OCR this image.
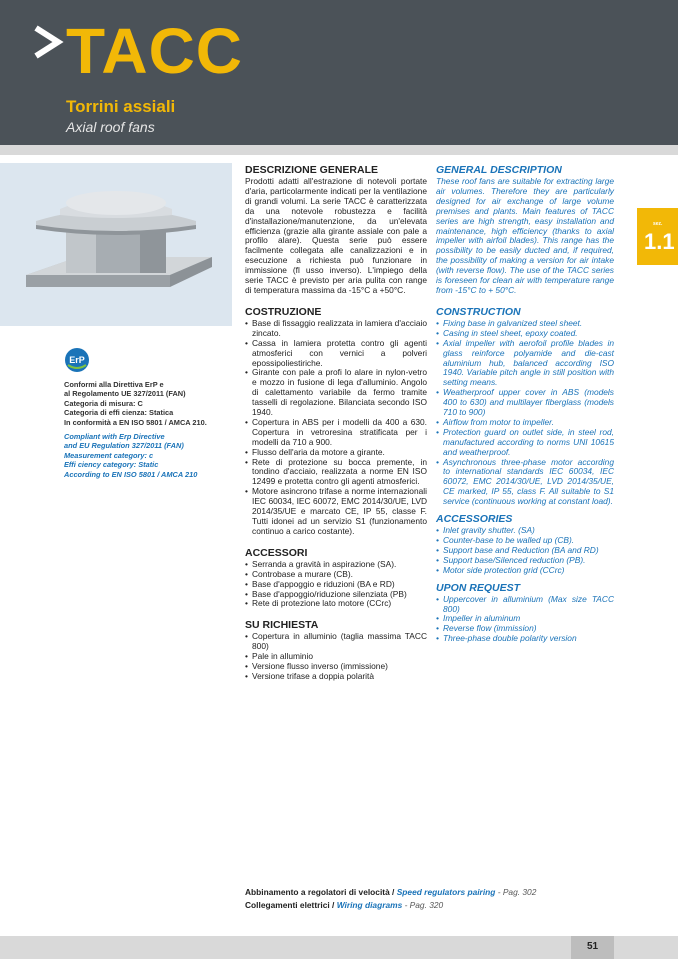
TACC
Torrini assiali
Axial roof fans
ErP
Conformi alla Direttiva ErP e
al Regolamento UE 327/2011 (FAN)
Categoria di misura: C
Categoria di effi cienza: Statica
In conformità a EN ISO 5801 / AMCA 210.
Compliant with Erp Directive
and EU Regulation 327/2011 (FAN)
Measurement category: c
Effi ciency category: Static
According to EN ISO 5801 / AMCA 210
DESCRIZIONE GENERALE

Prodotti adatti all'estrazione di notevoli portate d'aria, particolarmente indicati per la ventilazione di grandi volumi. La serie TACC è caratterizzata da una notevole robustezza e facilità d'installazione/manutenzione, da un'elevata efficienza (grazie alla girante assiale con pale a profilo alare). Questa serie può essere facilmente collegata alle canalizzazioni e in esecuzione a richiesta può funzionare in immissione (fl usso inverso). L'impiego della serie TACC è previsto per aria pulita con range di temperatura massima da -15°C a +50°C.

COSTRUZIONE
• Base di fissaggio realizzata in lamiera d'acciaio zincato.
• Cassa in lamiera protetta contro gli agenti atmosferici con vernici a polveri epossipoliestiriche.
• Girante con pale a profi lo alare in nylon-vetro e mozzo in fusione di lega d'alluminio. Angolo di calettamento variabile da fermo tramite tasselli di regolazione. Bilanciata secondo ISO 1940.
• Copertura in ABS per i modelli da 400 a 630. Copertura in vetroresina stratificata per i modelli da 710 a 900.
• Flusso dell'aria da motore a girante.
• Rete di protezione su bocca premente, in tondino d'acciaio, realizzata a norme EN ISO 12499 e protetta contro gli agenti atmosferici.
• Motore asincrono trifase a norme internazionali IEC 60034, IEC 60072, EMC 2014/30/UE, LVD 2014/35/UE e marcato CE, IP 55, classe F. Tutti idonei ad un servizio S1 (funzionamento continuo a carico costante).
ACCESSORI
• Serranda a gravità in aspirazione (SA).
• Controbase a murare (CB).
• Base d'appoggio e riduzioni (BA e RD)
• Base d'appoggio/riduzione silenziata (PB)
• Rete di protezione lato motore (CCrc)
SU RICHIESTA
• Copertura in alluminio (taglia massima TACC 800)
• Pale in alluminio
• Versione flusso inverso (immissione)
• Versione trifase a doppia polarità
GENERAL DESCRIPTION

These roof fans are suitable for extracting large air volumes. Therefore they are particularly designed for air exchange of large volume premises and plants. Main features of TACC series are high strength, easy installation and maintenance, high efficiency (thanks to axial impeller with airfoil blades). This range has the possibility to be easily ducted and, if required, the possibility of making a version for air intake (with reverse flow). The use of the TACC series is foreseen for clean air with temperature range from -15°C to + 50°C.

CONSTRUCTION
• Fixing base in galvanized steel sheet.
• Casing in steel sheet, epoxy coated.
• Axial impeller with aerofoil profile blades in glass reinforce polyamide and die-cast aluminium hub, balanced according ISO 1940. Variable pitch angle in still position with setting means.
• Weatherproof upper cover in ABS (models 400 to 630) and multilayer fiberglass (models 710 to 900)
• Airflow from motor to impeller.
• Protection guard on outlet side, in steel rod, manufactured according to norms UNI 10615 and weatherproof.
• Asynchronous three-phase motor according to international standards IEC 60034, IEC 60072, EMC 2014/30/UE, LVD 2014/35/UE, CE marked, IP 55, class F. All suitable to S1 service (continuous working at constant load).
ACCESSORIES
• Inlet gravity shutter. (SA)
• Counter-base to be walled up (CB).
• Support base and Reduction (BA and RD)
• Support base/Silenced reduction (PB).
• Motor side protection grid (CCrc)
UPON REQUEST
• Uppercover in alluminium (Max size TACC 800)
• Impeller in aluminum
• Reverse flow (immission)
• Three-phase double polarity version
sez.
1.1
Abbinamento a regolatori di velocità / Speed regulators pairing - Pag. 302
Collegamenti elettrici / Wiring diagrams - Pag. 320
51
